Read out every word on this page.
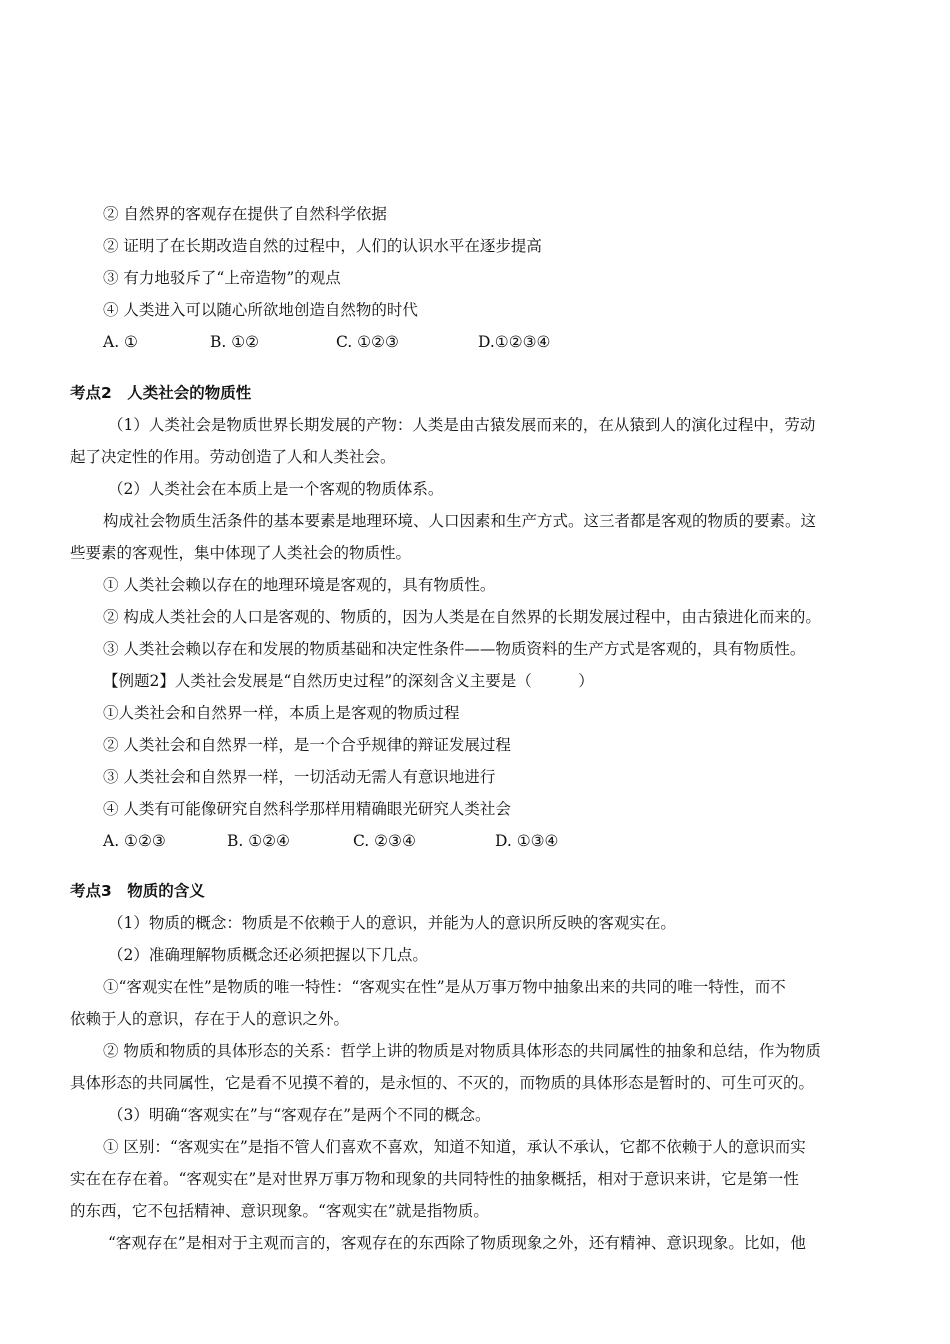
② 自然界的客观存在提供了自然科学依据
② 证明了在长期改造自然的过程中，人们的认识水平在逐步提高
③ 有力地驳斥了“上帝造物”的观点
④ 人类进入可以随心所欲地创造自然物的时代
A. ①	B. ①②	C. ①②③	D.①②③④
考点2　人类社会的物质性
（1）人类社会是物质世界长期发展的产物：人类是由古猿发展而来的，在从猿到人的演化过程中，劳动
起了决定性的作用。劳动创造了人和人类社会。
（2）人类社会在本质上是一个客观的物质体系。
构成社会物质生活条件的基本要素是地理环境、人口因素和生产方式。这三者都是客观的物质的要素。这
些要素的客观性，集中体现了人类社会的物质性。
① 人类社会赖以存在的地理环境是客观的，具有物质性。
② 构成人类社会的人口是客观的、物质的，因为人类是在自然界的长期发展过程中，由古猿进化而来的。
③ 人类社会赖以存在和发展的物质基础和决定性条件——物质资料的生产方式是客观的，具有物质性。
【例题2】人类社会发展是“自然历史过程”的深刻含义主要是（　　　）
①人类社会和自然界一样，本质上是客观的物质过程
② 人类社会和自然界一样，是一个合乎规律的辩证发展过程
③ 人类社会和自然界一样，一切活动无需人有意识地进行
④ 人类有可能像研究自然科学那样用精确眼光研究人类社会
A. ①②③	B. ①②④	C. ②③④	D. ①③④
考点3　物质的含义
（1）物质的概念：物质是不依赖于人的意识，并能为人的意识所反映的客观实在。
（2）准确理解物质概念还必须把握以下几点。
①“客观实在性”是物质的唯一特性：“客观实在性”是从万事万物中抽象出来的共同的唯一特性，而不
依赖于人的意识，存在于人的意识之外。
② 物质和物质的具体形态的关系：哲学上讲的物质是对物质具体形态的共同属性的抽象和总结，作为物质
具体形态的共同属性，它是看不见摸不着的，是永恒的、不灭的，而物质的具体形态是暂时的、可生可灭的。
（3）明确“客观实在”与“客观存在”是两个不同的概念。
① 区别：“客观实在”是指不管人们喜欢不喜欢，知道不知道，承认不承认，它都不依赖于人的意识而实
实在在存在着。“客观实在”是对世界万事万物和现象的共同特性的抽象概括，相对于意识来讲，它是第一性
的东西，它不包括精神、意识现象。“客观实在”就是指物质。
“客观存在”是相对于主观而言的，客观存在的东西除了物质现象之外，还有精神、意识现象。比如，他
